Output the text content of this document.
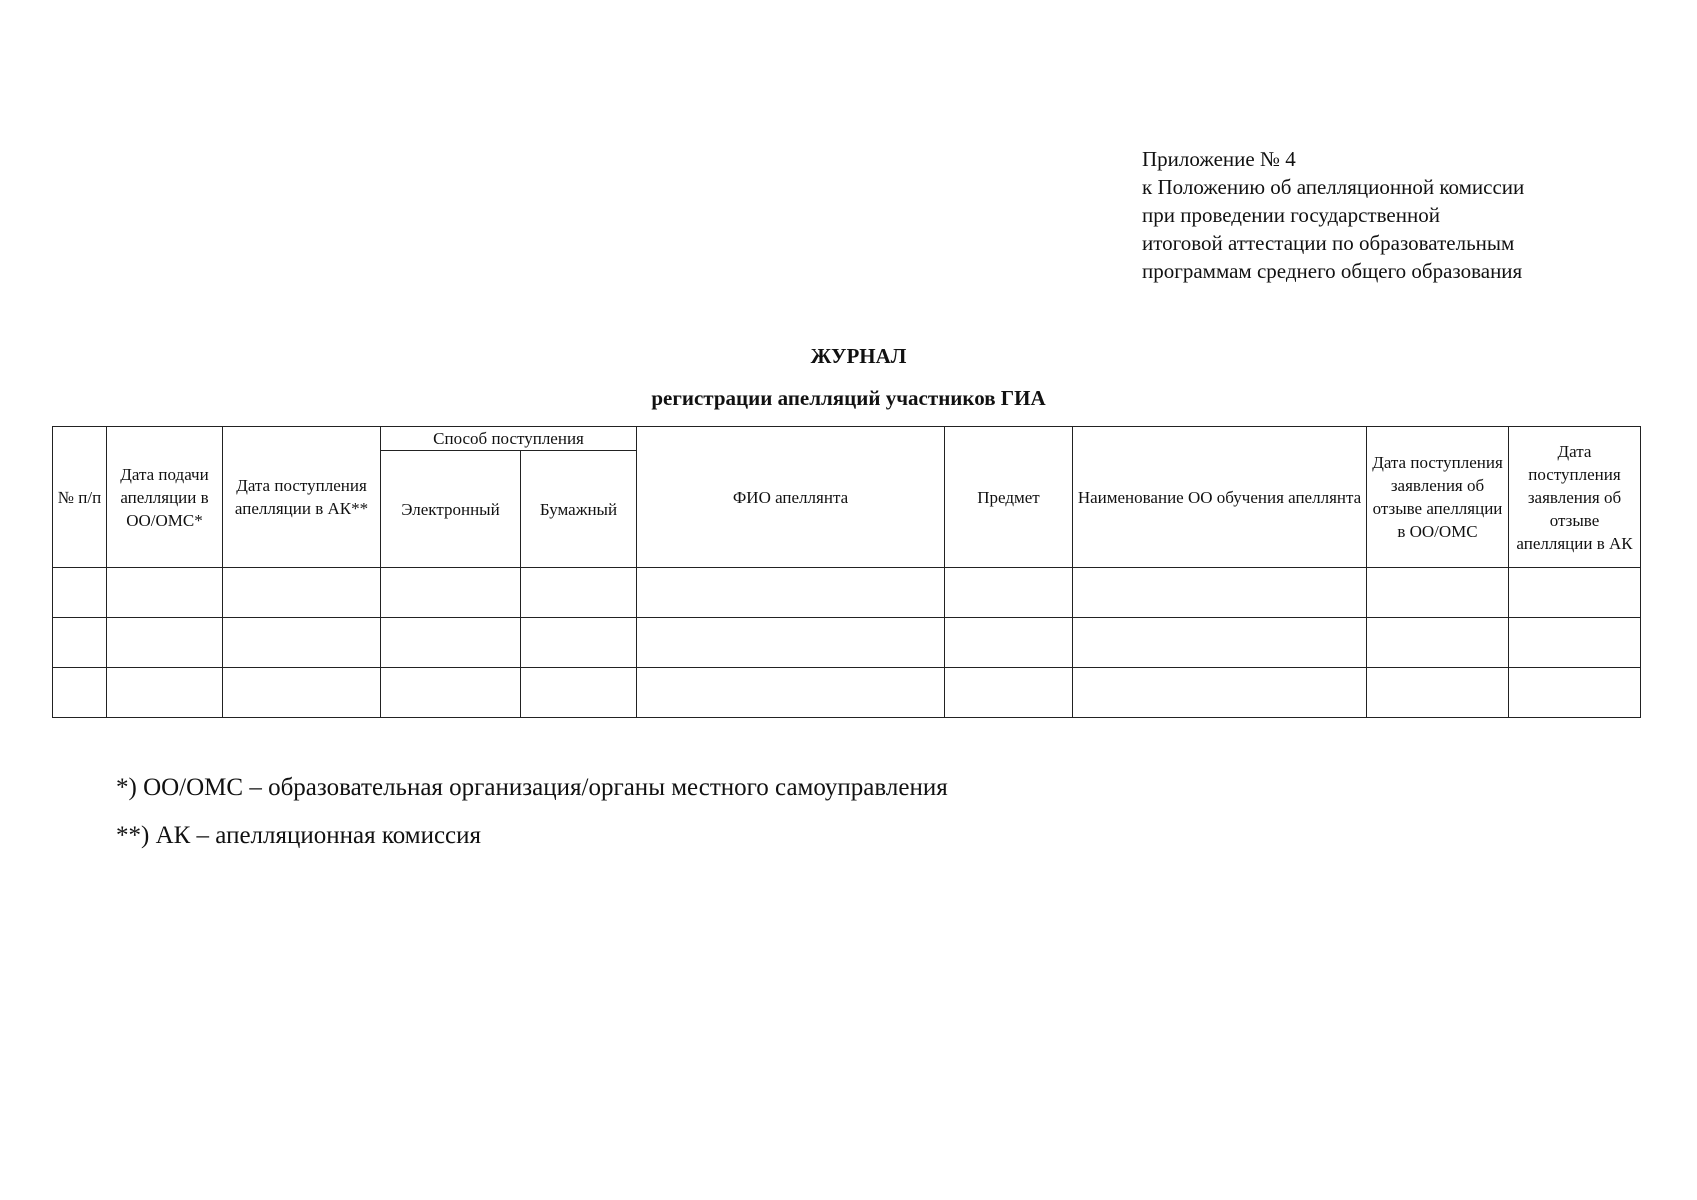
Приложение № 4
к Положению об апелляционной комиссии
при проведении государственной
итоговой аттестации по образовательным
программам среднего общего образования
ЖУРНАЛ
регистрации апелляций участников ГИА
№ п/п	Дата подачи апелляции в ОО/ОМС*	Дата поступления апелляции в АК**	Способ поступления		ФИО апеллянта	Предмет	Наименование ОО обучения апеллянта	Дата поступления заявления об отзыве апелляции в ОО/ОМС	Дата поступления заявления об отзыве апелляции в АК
			Электронный	Бумажный					

*) ОО/ОМС – образовательная организация/органы местного самоуправления
**) АК – апелляционная комиссия
